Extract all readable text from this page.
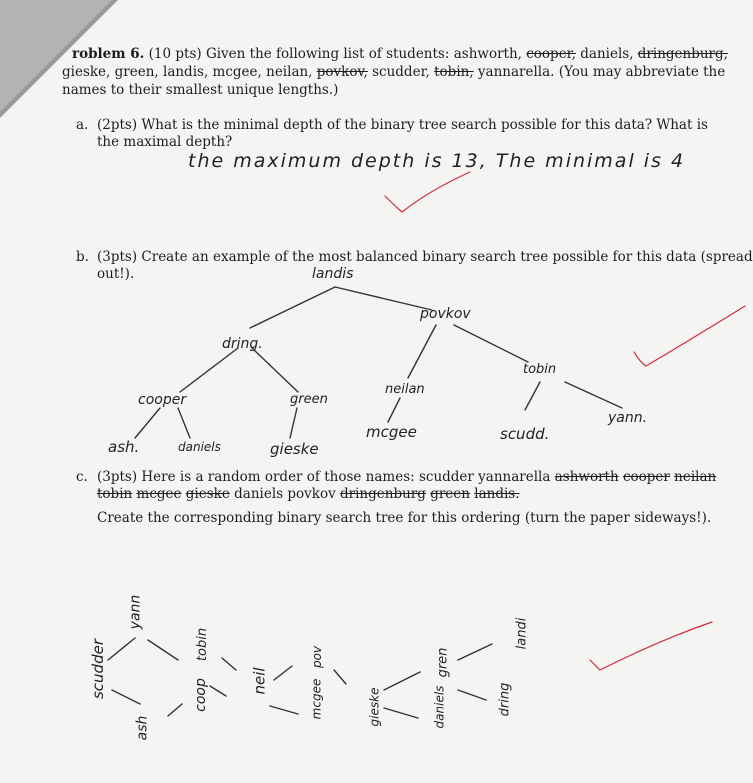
roblem 6. (10 pts) Given the following list of students: ashworth, cooper, daniels, dringenburg,
gieske, green, landis, mcgee, neilan, povkov, scudder, tobin, yannarella. (You may abbreviate the
names to their smallest unique lengths.)
a. (2pts) What is the minimal depth of the binary tree search possible for this data? What is
the maximal depth?
the maximum depth is 13, The minimal is 4
b. (3pts) Create an example of the most balanced binary search tree possible for this data (spread
out!).	landis
dring.
povkov
cooper	green
neilan
tobin
ash.	daniels	gieske
mcgee	scudd.
yann.
c. (3pts) Here is a random order of those names: scudder yannarella ashworth cooper neilan
tobin mcgee gieske daniels povkov dringenburg green landis.
Create the corresponding binary search tree for this ordering (turn the paper sideways!).
scudder
yann
ash
coop
tobin
neil	mcgee
pov
gieske	daniels
gren
dring
landi
